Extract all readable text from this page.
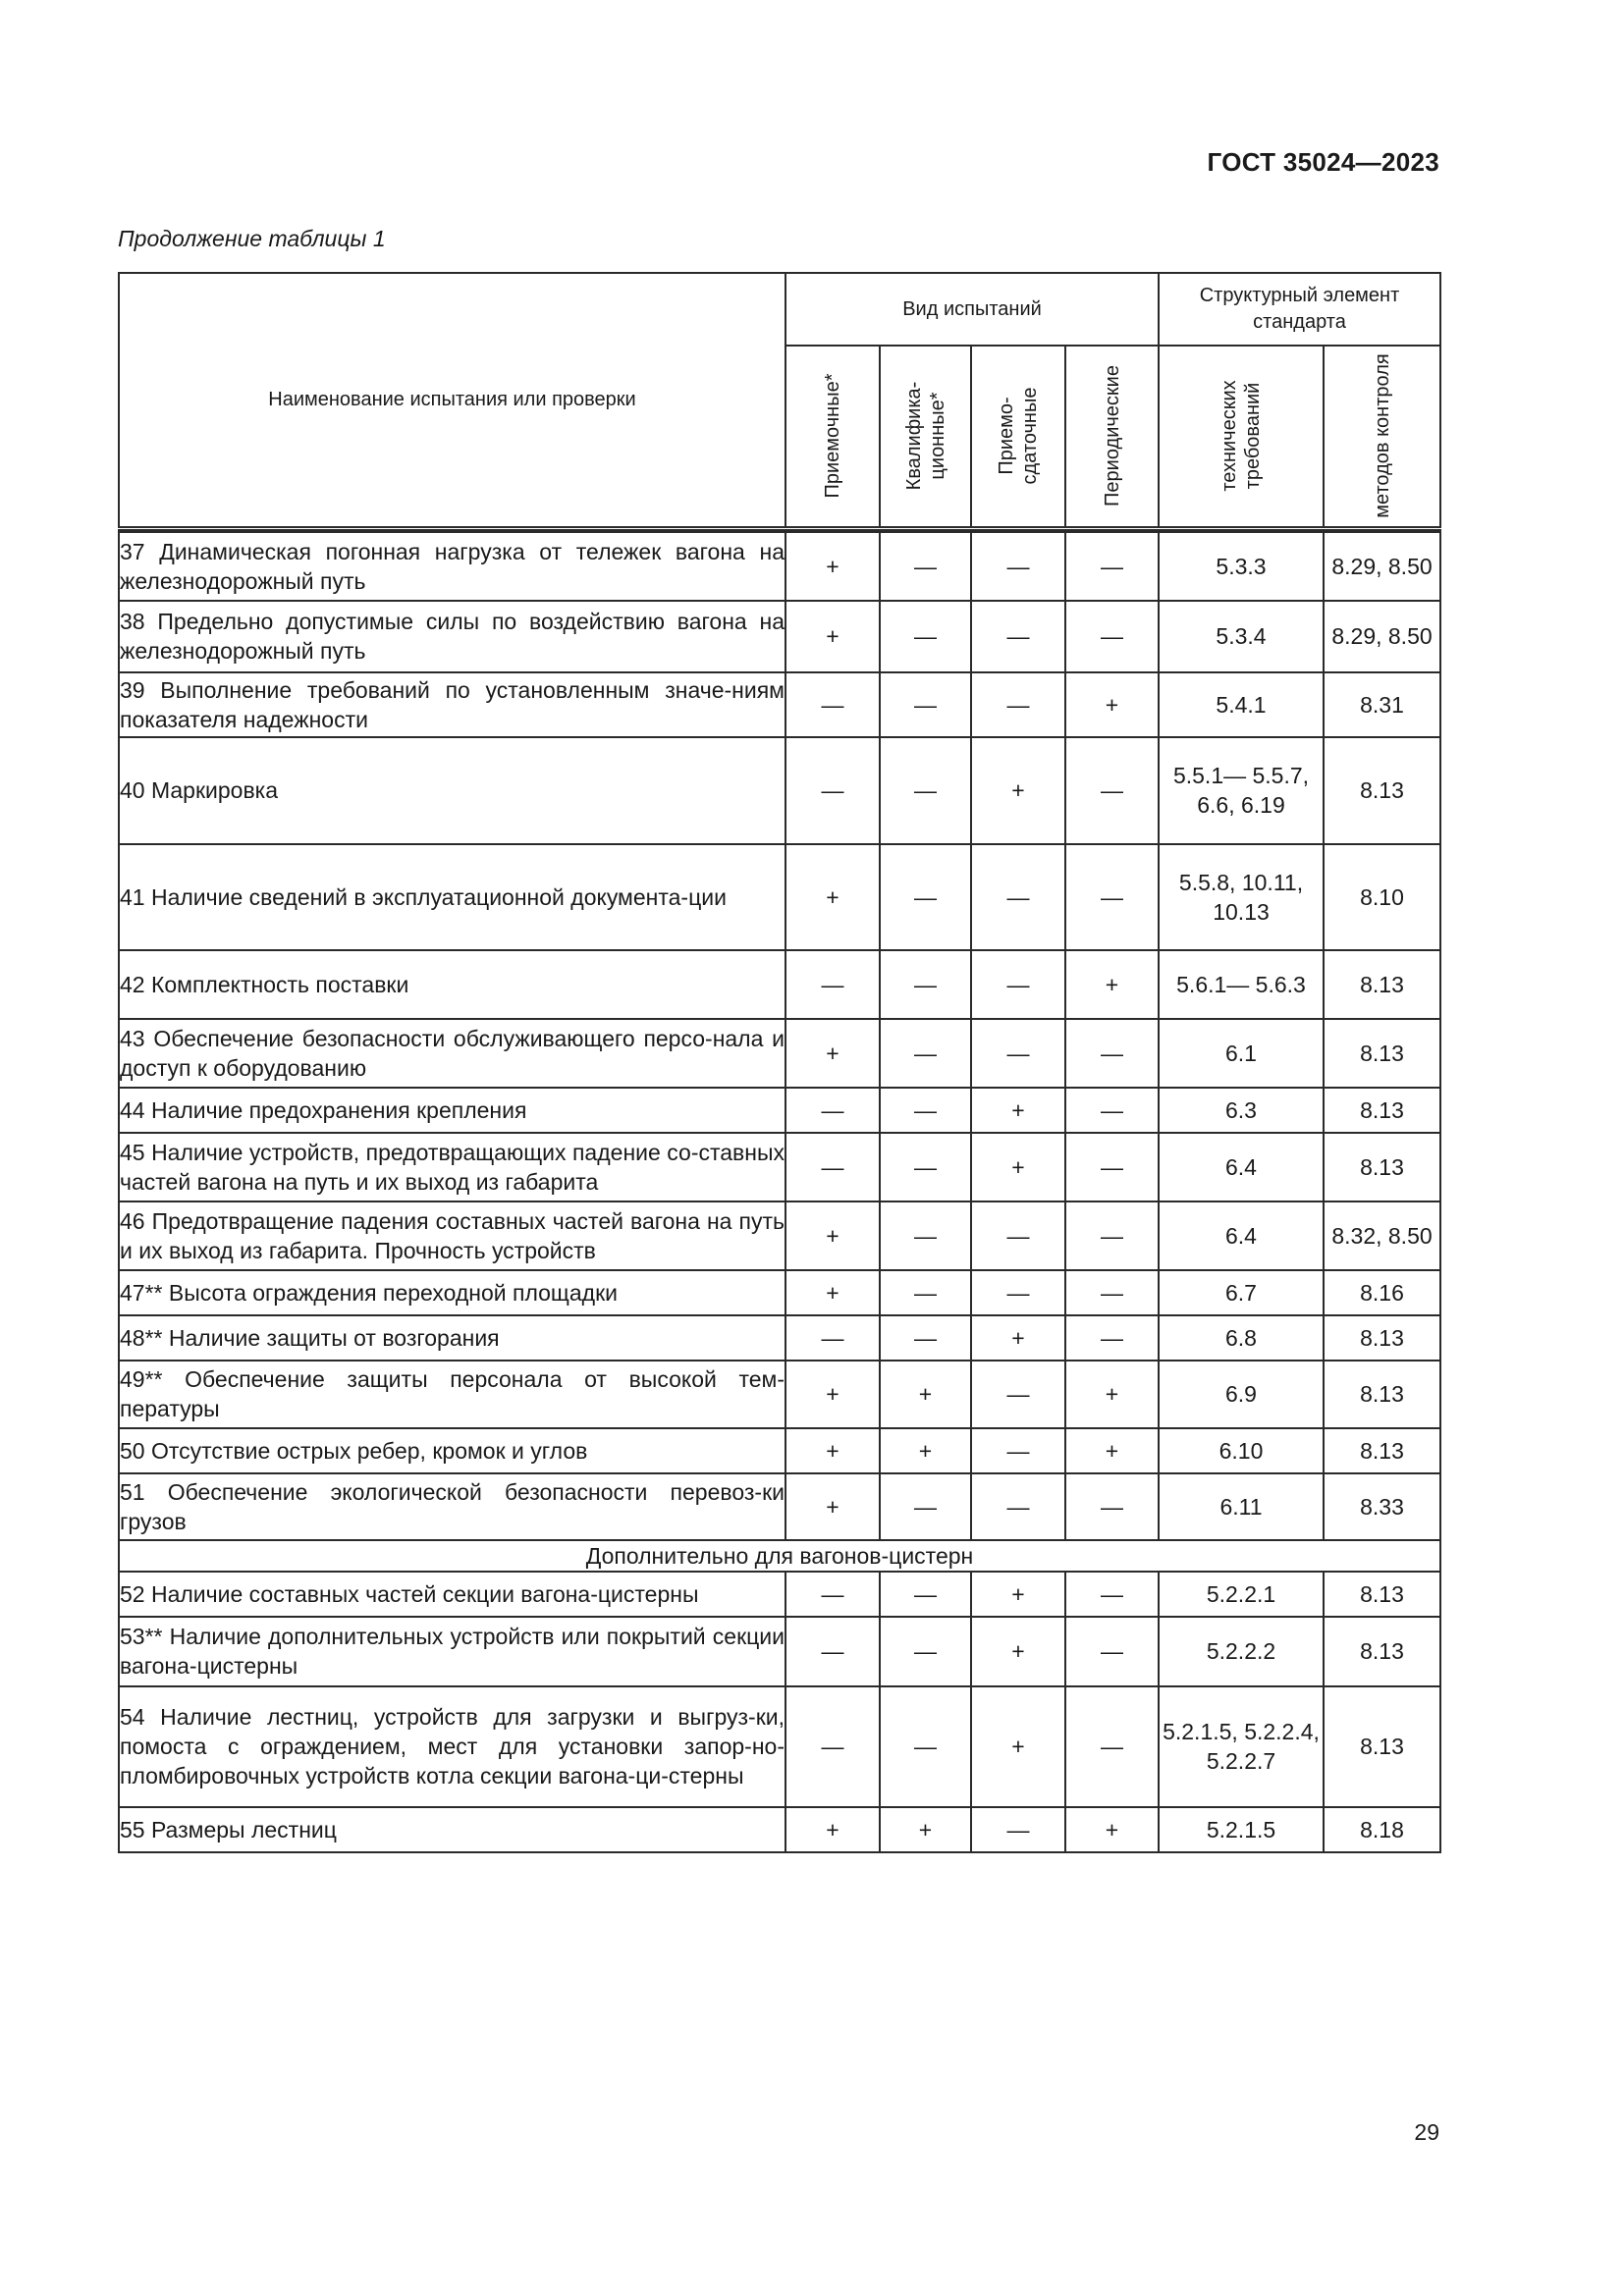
ГОСТ 35024—2023
Продолжение таблицы 1
Наименование испытания или проверки	Вид испытаний				Структурный элемент стандарта	

	Приемочные*	Квалифика-ционные*	Приемо-сдаточные	Периодические	технических требований	методов контроля

37 Динамическая погонная нагрузка от тележек вагона на железнодорожный путь	+	—	—	—	5.3.3	8.29, 8.50
38 Предельно допустимые силы по воздействию вагона на железнодорожный путь	+	—	—	—	5.3.4	8.29, 8.50
39 Выполнение требований по установленным значе-ниям показателя надежности	—	—	—	+	5.4.1	8.31
40 Маркировка	—	—	+	—	5.5.1— 5.5.7, 6.6, 6.19	8.13
41 Наличие сведений в эксплуатационной документа-ции	+	—	—	—	5.5.8, 10.11, 10.13	8.10
42 Комплектность поставки	—	—	—	+	5.6.1— 5.6.3	8.13
43 Обеспечение безопасности обслуживающего персо-нала и доступ к оборудованию	+	—	—	—	6.1	8.13
44 Наличие предохранения крепления	—	—	+	—	6.3	8.13
45 Наличие устройств, предотвращающих падение со-ставных частей вагона на путь и их выход из габарита	—	—	+	—	6.4	8.13
46 Предотвращение падения составных частей вагона на путь и их выход из габарита. Прочность устройств	+	—	—	—	6.4	8.32, 8.50
47** Высота ограждения переходной площадки	+	—	—	—	6.7	8.16
48** Наличие защиты от возгорания	—	—	+	—	6.8	8.13
49** Обеспечение защиты персонала от высокой тем-пературы	+	+	—	+	6.9	8.13
50 Отсутствие острых ребер, кромок и углов	+	+	—	+	6.10	8.13
51 Обеспечение экологической безопасности перевоз-ки грузов	+	—	—	—	6.11	8.33
Дополнительно для вагонов-цистерн						
52 Наличие составных частей секции вагона-цистерны	—	—	+	—	5.2.2.1	8.13
53** Наличие дополнительных устройств или покрытий секции вагона-цистерны	—	—	+	—	5.2.2.2	8.13
54 Наличие лестниц, устройств для загрузки и выгруз-ки, помоста с ограждением, мест для установки запор-но-пломбировочных устройств котла секции вагона-ци-стерны	—	—	+	—	5.2.1.5, 5.2.2.4, 5.2.2.7	8.13
55 Размеры лестниц	+	+	—	+	5.2.1.5	8.18
29
